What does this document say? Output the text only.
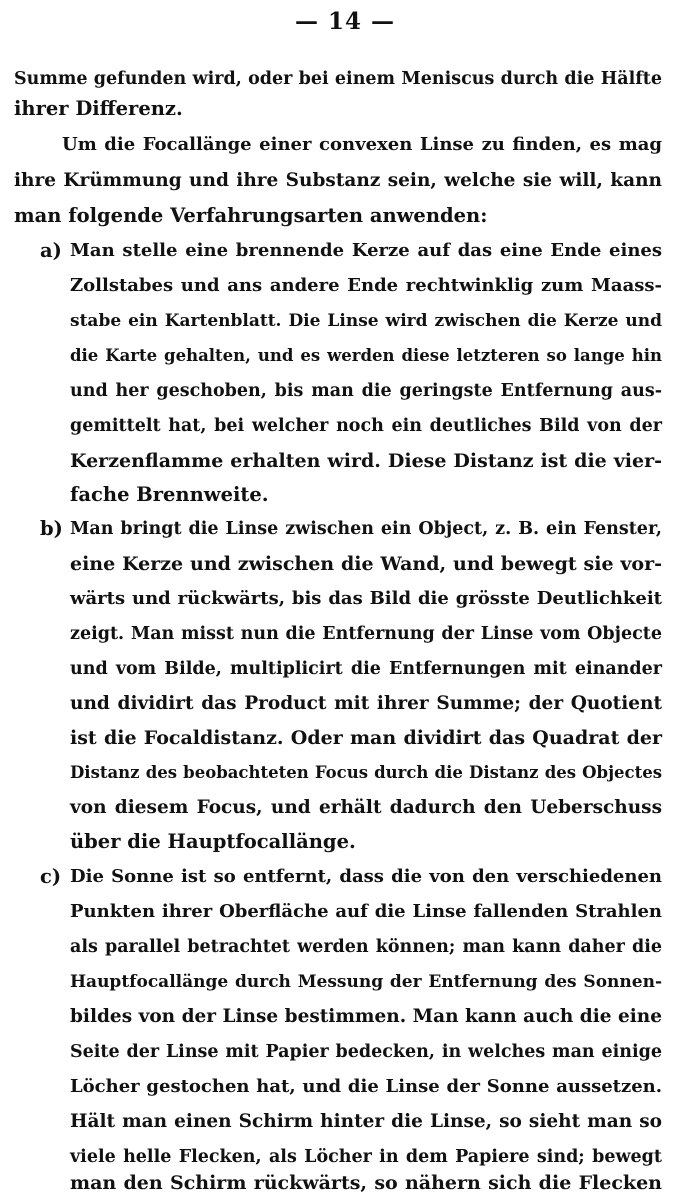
— 14 —
Summe gefunden wird, oder bei einem Meniscus durch die Hälfte
ihrer Differenz.
Um die Focallänge einer convexen Linse zu finden, es mag
ihre Krümmung und ihre Substanz sein, welche sie will, kann
man folgende Verfahrungsarten anwenden:
a) Man stelle eine brennende Kerze auf das eine Ende eines
Zollstabes und ans andere Ende rechtwinklig zum Maass-
stabe ein Kartenblatt. Die Linse wird zwischen die Kerze und
die Karte gehalten, und es werden diese letzteren so lange hin
und her geschoben, bis man die geringste Entfernung aus-
gemittelt hat, bei welcher noch ein deutliches Bild von der
Kerzenflamme erhalten wird. Diese Distanz ist die vier-
fache Brennweite.
b) Man bringt die Linse zwischen ein Object, z. B. ein Fenster,
eine Kerze und zwischen die Wand, und bewegt sie vor-
wärts und rückwärts, bis das Bild die grösste Deutlichkeit
zeigt. Man misst nun die Entfernung der Linse vom Objecte
und vom Bilde, multiplicirt die Entfernungen mit einander
und dividirt das Product mit ihrer Summe; der Quotient
ist die Focaldistanz. Oder man dividirt das Quadrat der
Distanz des beobachteten Focus durch die Distanz des Objectes
von diesem Focus, und erhält dadurch den Ueberschuss
über die Hauptfocallänge.
c) Die Sonne ist so entfernt, dass die von den verschiedenen
Punkten ihrer Oberfläche auf die Linse fallenden Strahlen
als parallel betrachtet werden können; man kann daher die
Hauptfocallänge durch Messung der Entfernung des Sonnen-
bildes von der Linse bestimmen. Man kann auch die eine
Seite der Linse mit Papier bedecken, in welches man einige
Löcher gestochen hat, und die Linse der Sonne aussetzen.
Hält man einen Schirm hinter die Linse, so sieht man so
viele helle Flecken, als Löcher in dem Papiere sind; bewegt
man den Schirm rückwärts, so nähern sich die Flecken
